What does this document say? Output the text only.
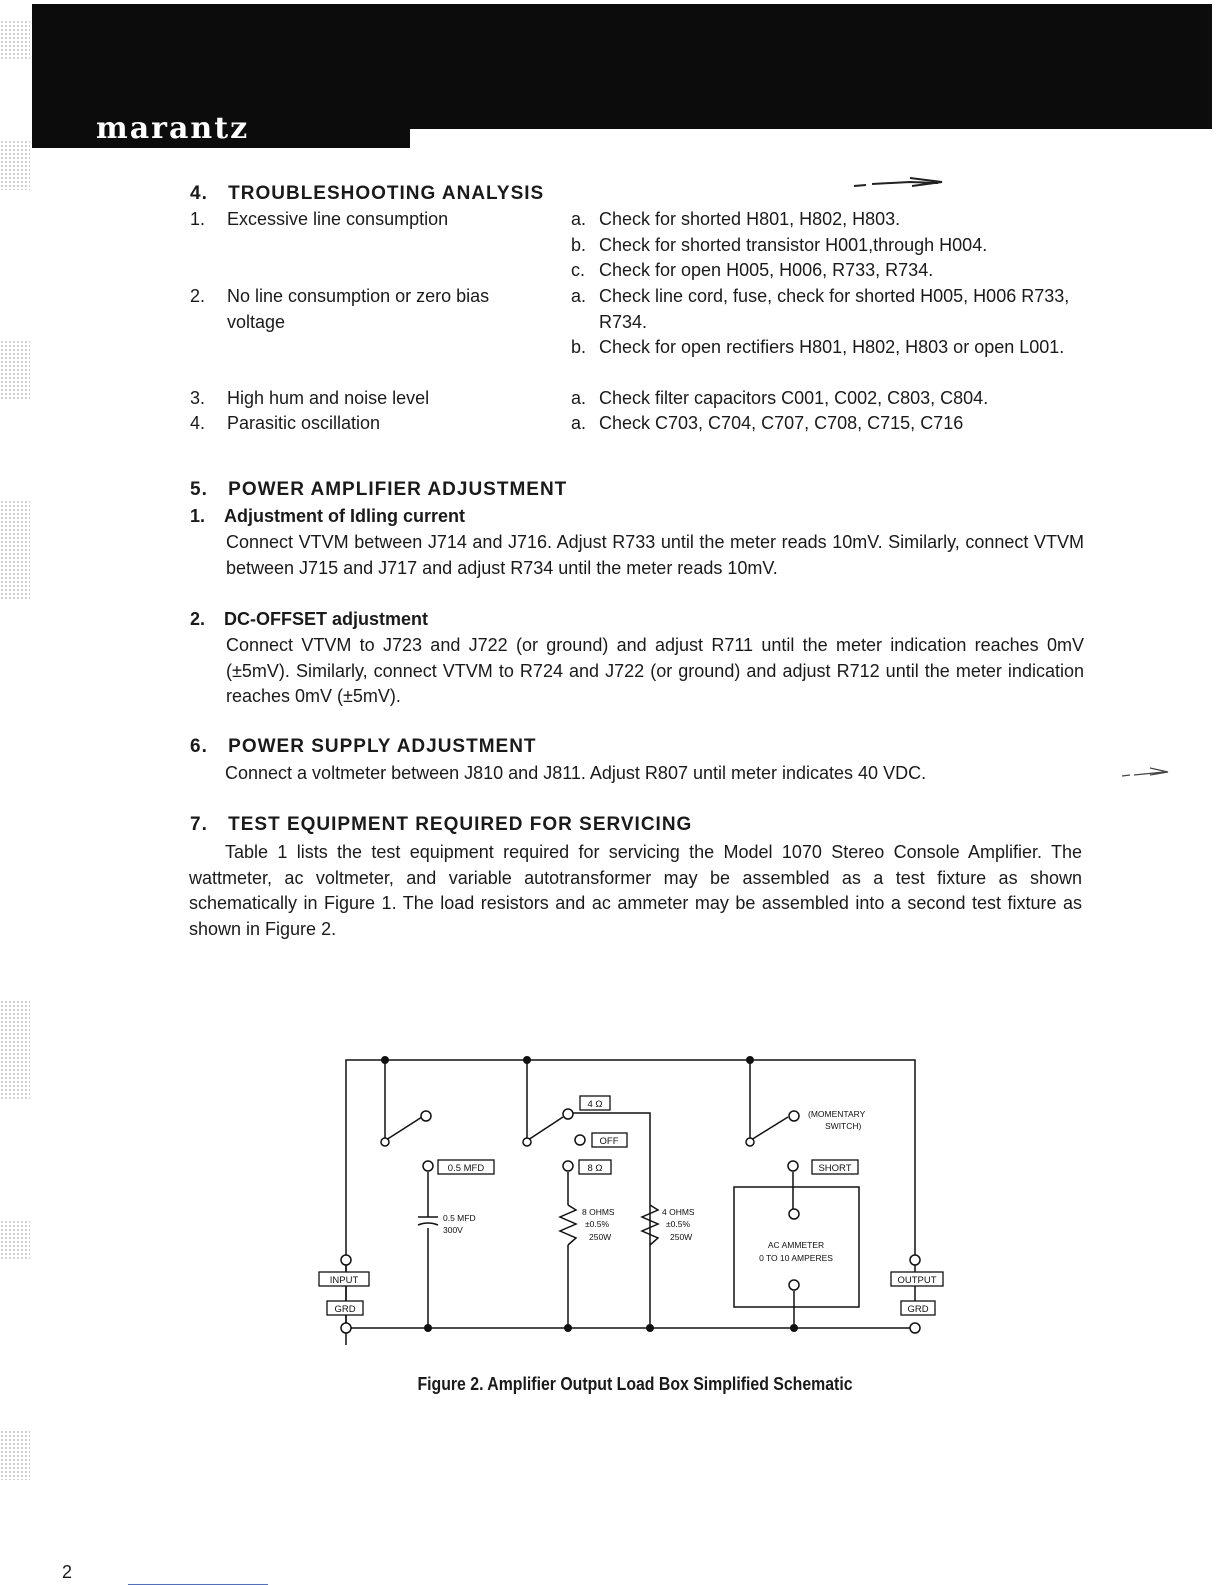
marantz
4. TROUBLESHOOTING ANALYSIS
1. Excessive line consumption	a. Check for shorted H801, H802, H803.

b. Check for shorted transistor H001,through H004.

c. Check for open H005, H006, R733, R734.

2. No line consumption or zero bias voltage

a. Check line cord, fuse, check for shorted H005, H006 R733, R734.

b. Check for open rectifiers H801, H802, H803 or open L001.

3. High hum and noise level	a. Check filter capacitors C001, C002, C803, C804.

4. Parasitic oscillation	a. Check C703, C704, C707, C708, C715, C716

5. POWER AMPLIFIER ADJUSTMENT
1. Adjustment of Idling current

Connect VTVM between J714 and J716. Adjust R733 until the meter reads 10mV. Similarly, connect VTVM between J715 and J717 and adjust R734 until the meter reads 10mV.

2. DC-OFFSET adjustment

Connect VTVM to J723 and J722 (or ground) and adjust R711 until the meter indication reaches 0mV (±5mV). Similarly, connect VTVM to R724 and J722 (or ground) and adjust R712 until the meter indication reaches 0mV (±5mV).

6. POWER SUPPLY ADJUSTMENT

Connect a voltmeter between J810 and J811. Adjust R807 until meter indicates 40 VDC.

7. TEST EQUIPMENT REQUIRED FOR SERVICING

Table 1 lists the test equipment required for servicing the Model 1070 Stereo Console Amplifier. The wattmeter, ac voltmeter, and variable autotransformer may be assembled as a test fixture as shown schematically in Figure 1. The load resistors and ac ammeter may be assembled into a second test fixture as shown in Figure 2.

INPUT
GRD
OUTPUT
GRD
0.5 MFD
4 Ω
OFF
8 Ω	SHORT
0.5 MFD
300V
8 OHMS
±0.5%
250W
4 OHMS
±0.5%
250W
(MOMENTARY
SWITCH)
AC AMMETER
0 TO 10 AMPERES
Figure 2. Amplifier Output Load Box Simplified Schematic
2
